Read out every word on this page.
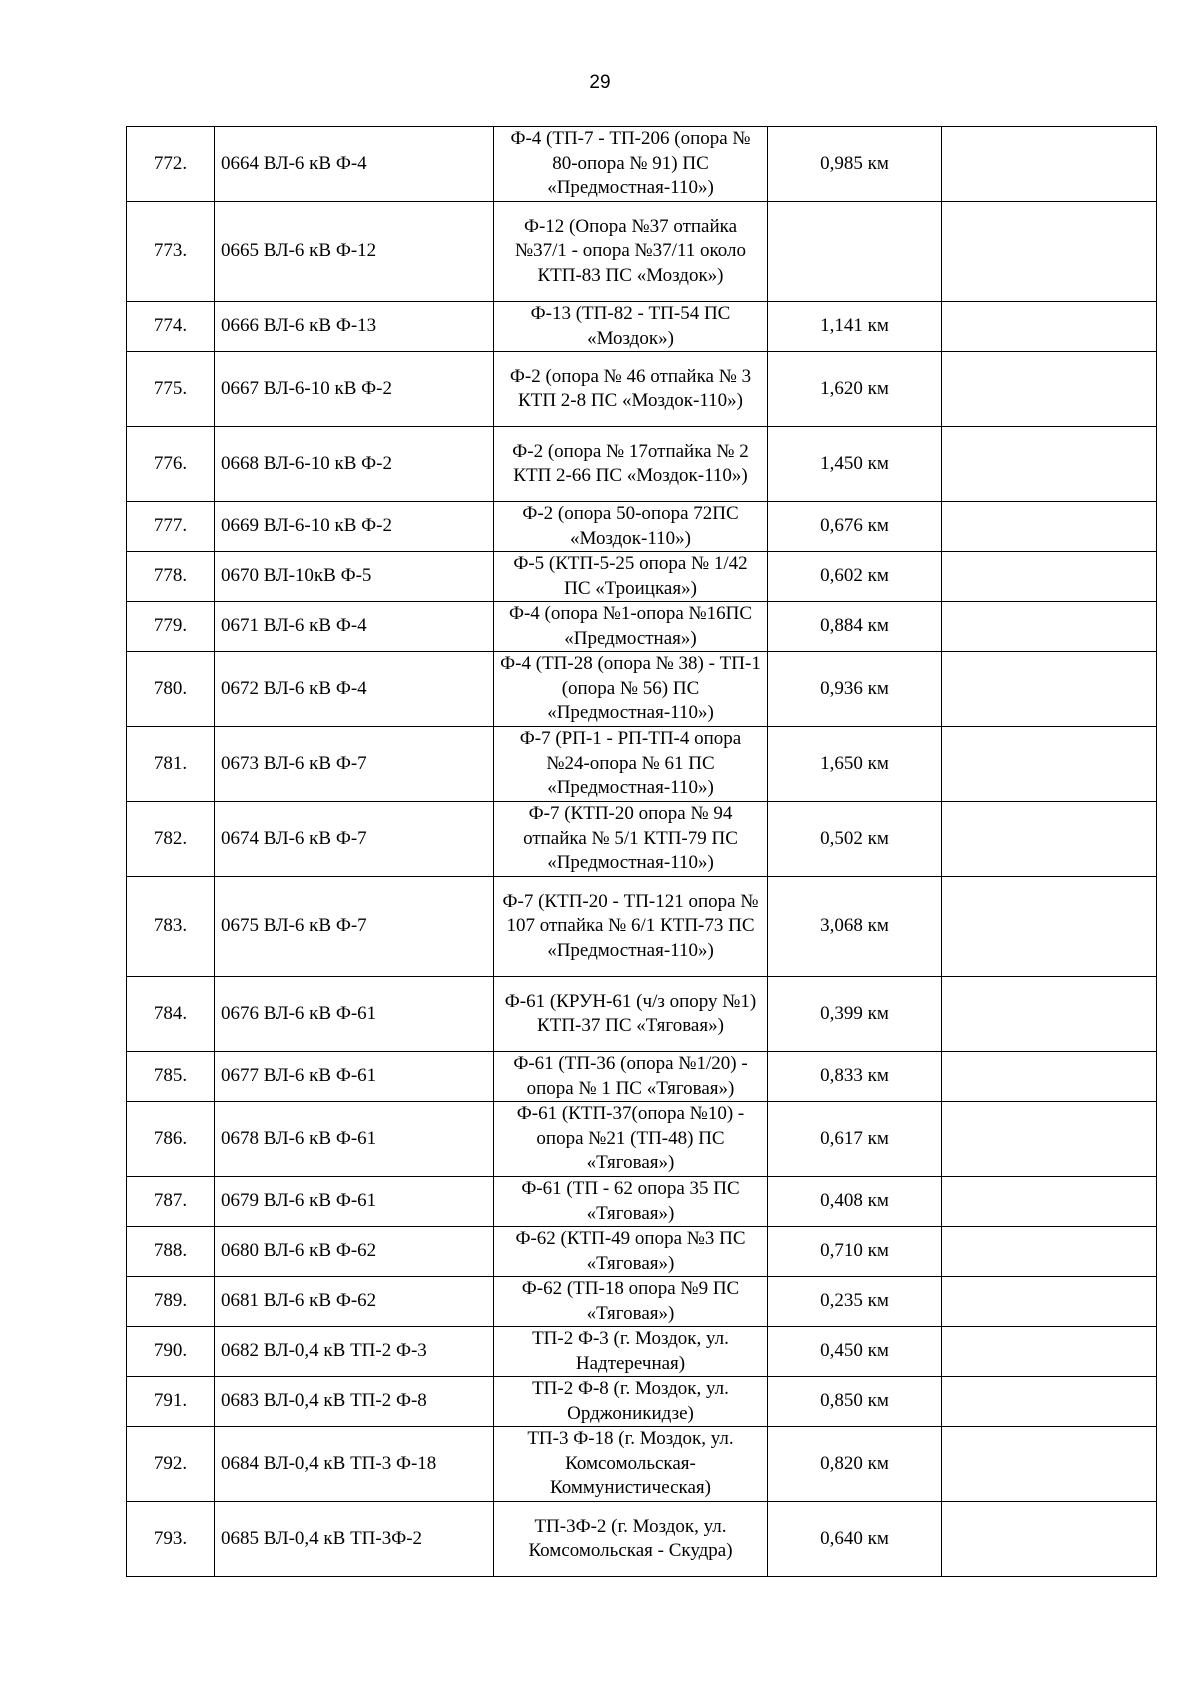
29
772.	0664 ВЛ-6 кВ Ф-4	Ф-4 (ТП-7 - ТП-206 (опора № 80-опора № 91) ПС «Предмостная-110»)	0,985 км	
773.	0665 ВЛ-6 кВ Ф-12	Ф-12 (Опора №37 отпайка №37/1 - опора №37/11 около КТП-83 ПС «Моздок»)		
774.	0666 ВЛ-6 кВ Ф-13	Ф-13 (ТП-82 - ТП-54 ПС «Моздок»)	1,141 км	
775.	0667 ВЛ-6-10 кВ Ф-2	Ф-2 (опора № 46 отпайка № 3 КТП 2-8 ПС «Моздок-110»)	1,620 км	
776.	0668 ВЛ-6-10 кВ Ф-2	Ф-2 (опора № 17отпайка № 2 КТП 2-66 ПС «Моздок-110»)	1,450 км	
777.	0669 ВЛ-6-10 кВ Ф-2	Ф-2 (опора 50-опора 72ПС «Моздок-110»)	0,676 км	
778.	0670 ВЛ-10кВ Ф-5	Ф-5 (КТП-5-25 опора № 1/42 ПС «Троицкая»)	0,602 км	
779.	0671 ВЛ-6 кВ Ф-4	Ф-4 (опора №1-опора №16ПС «Предмостная»)	0,884 км	
780.	0672 ВЛ-6 кВ Ф-4	Ф-4 (ТП-28 (опора № 38) - ТП-1 (опора № 56) ПС «Предмостная-110»)	0,936 км	
781.	0673 ВЛ-6 кВ Ф-7	Ф-7 (РП-1 - РП-ТП-4 опора №24-опора № 61 ПС «Предмостная-110»)	1,650 км	
782.	0674 ВЛ-6 кВ Ф-7	Ф-7 (КТП-20 опора № 94 отпайка № 5/1 КТП-79 ПС «Предмостная-110»)	0,502 км	
783.	0675 ВЛ-6 кВ Ф-7	Ф-7 (КТП-20 - ТП-121 опора № 107 отпайка № 6/1 КТП-73 ПС «Предмостная-110»)	3,068 км	
784.	0676 ВЛ-6 кВ Ф-61	Ф-61 (КРУН-61 (ч/з опору №1) КТП-37 ПС «Тяговая»)	0,399 км	
785.	0677 ВЛ-6 кВ Ф-61	Ф-61 (ТП-36 (опора №1/20) - опора № 1 ПС «Тяговая»)	0,833 км	
786.	0678 ВЛ-6 кВ Ф-61	Ф-61 (КТП-37(опора №10) - опора №21 (ТП-48) ПС «Тяговая»)	0,617 км	
787.	0679 ВЛ-6 кВ Ф-61	Ф-61 (ТП - 62 опора 35 ПС «Тяговая»)	0,408 км	
788.	0680 ВЛ-6 кВ Ф-62	Ф-62 (КТП-49 опора №3 ПС «Тяговая»)	0,710 км	
789.	0681 ВЛ-6 кВ Ф-62	Ф-62 (ТП-18 опора №9 ПС «Тяговая»)	0,235 км	
790.	0682 ВЛ-0,4 кВ ТП-2 Ф-3	ТП-2 Ф-3 (г. Моздок, ул. Надтеречная)	0,450 км	
791.	0683 ВЛ-0,4 кВ ТП-2 Ф-8	ТП-2 Ф-8 (г. Моздок, ул. Орджоникидзе)	0,850 км	
792.	0684 ВЛ-0,4 кВ ТП-3 Ф-18	ТП-3 Ф-18 (г. Моздок, ул. Комсомольская-Коммунистическая)	0,820 км	
793.	0685 ВЛ-0,4 кВ ТП-3Ф-2	ТП-3Ф-2 (г. Моздок, ул. Комсомольская - Скудра)	0,640 км	
